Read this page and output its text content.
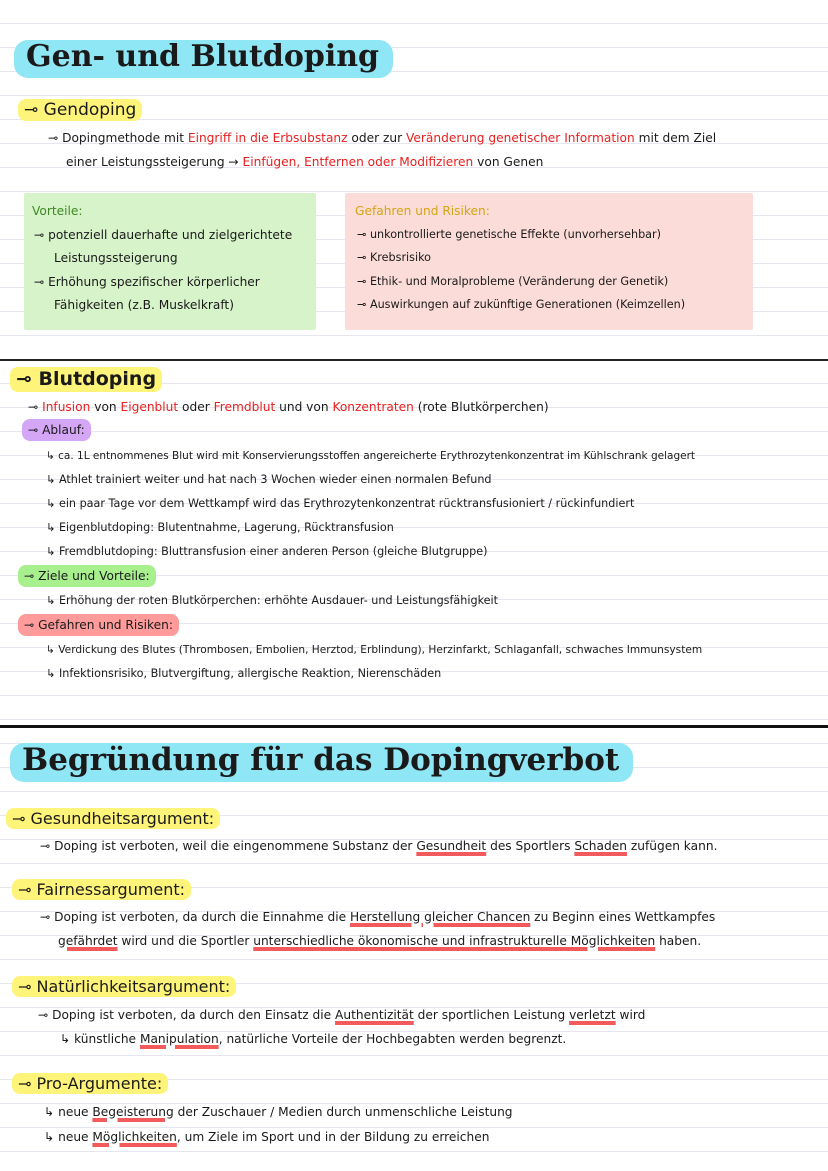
Gen- und Blutdoping
⊸ Gendoping
⊸ Dopingmethode mit Eingriff in die Erbsubstanz oder zur Veränderung genetischer Information mit dem Ziel
einer Leistungssteigerung → Einfügen, Entfernen oder Modifizieren von Genen
Vorteile:
⊸ potenziell dauerhafte und zielgerichtete
Leistungssteigerung
⊸ Erhöhung spezifischer körperlicher
Fähigkeiten (z.B. Muskelkraft)
Gefahren und Risiken:
⊸ unkontrollierte genetische Effekte (unvorhersehbar)
⊸ Krebsrisiko
⊸ Ethik- und Moralprobleme (Veränderung der Genetik)
⊸ Auswirkungen auf zukünftige Generationen (Keimzellen)
⊸ Blutdoping
⊸ Infusion von Eigenblut oder Fremdblut und von Konzentraten (rote Blutkörperchen)
⊸ Ablauf:
↳ ca. 1L entnommenes Blut wird mit Konservierungsstoffen angereicherte Erythrozytenkonzentrat im Kühlschrank gelagert
↳ Athlet trainiert weiter und hat nach 3 Wochen wieder einen normalen Befund
↳ ein paar Tage vor dem Wettkampf wird das Erythrozytenkonzentrat rücktransfusioniert / rückinfundiert
↳ Eigenblutdoping: Blutentnahme, Lagerung, Rücktransfusion
↳ Fremdblutdoping: Bluttransfusion einer anderen Person (gleiche Blutgruppe)
⊸ Ziele und Vorteile:
↳ Erhöhung der roten Blutkörperchen: erhöhte Ausdauer- und Leistungsfähigkeit
⊸ Gefahren und Risiken:
↳ Verdickung des Blutes (Thrombosen, Embolien, Herztod, Erblindung), Herzinfarkt, Schlaganfall, schwaches Immunsystem
↳ Infektionsrisiko, Blutvergiftung, allergische Reaktion, Nierenschäden
Begründung für das Dopingverbot
⊸ Gesundheitsargument:
⊸ Doping ist verboten, weil die eingenommene Substanz der Gesundheit des Sportlers Schaden zufügen kann.
⊸ Fairnessargument:
⊸ Doping ist verboten, da durch die Einnahme die Herstellung gleicher Chancen zu Beginn eines Wettkampfes
gefährdet wird und die Sportler unterschiedliche ökonomische und infrastrukturelle Möglichkeiten haben.
⊸ Natürlichkeitsargument:
⊸ Doping ist verboten, da durch den Einsatz die Authentizität der sportlichen Leistung verletzt wird
↳ künstliche Manipulation, natürliche Vorteile der Hochbegabten werden begrenzt.
⊸ Pro-Argumente:
↳ neue Begeisterung der Zuschauer / Medien durch unmenschliche Leistung
↳ neue Möglichkeiten, um Ziele im Sport und in der Bildung zu erreichen
